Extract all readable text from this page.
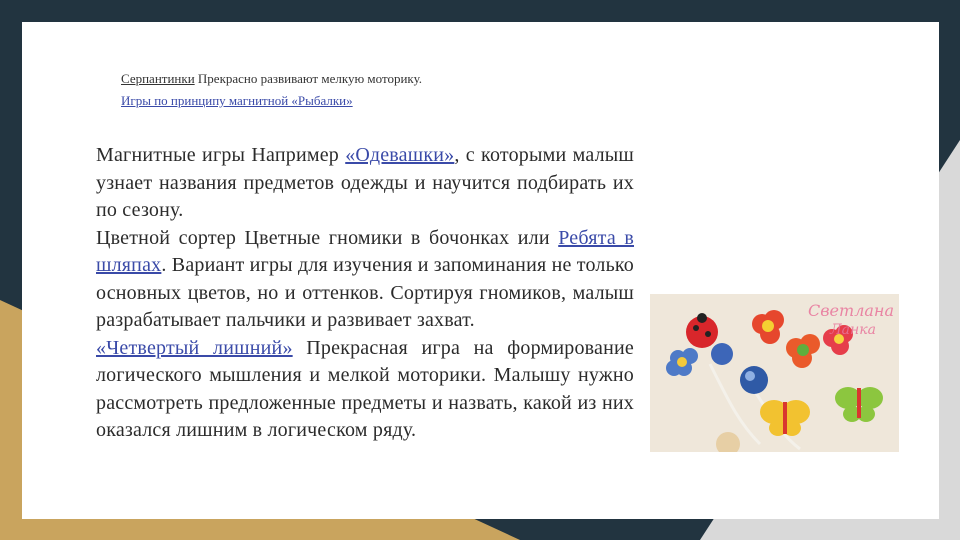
Серпантинки Прекрасно развивают мелкую моторику.
Игры по принципу магнитной «Рыбалки»

Магнитные игры Например «Одевашки», с которыми малыш узнает названия предметов одежды и научится подбирать их по сезону.

Цветной сортер Цветные гномики в бочонках или Ребята в шляпах. Вариант игры для изучения и запоминания не только основных цветов, но и оттенков. Сортируя гномиков, малыш разрабатывает пальчики и развивает захват.

«Четвертый лишний» Прекрасная игра на формирование логического мышления и мелкой моторики. Малышу нужно рассмотреть предложенные предметы и назвать, какой из них оказался лишним в логическом ряду.

Светлана
Ланка
